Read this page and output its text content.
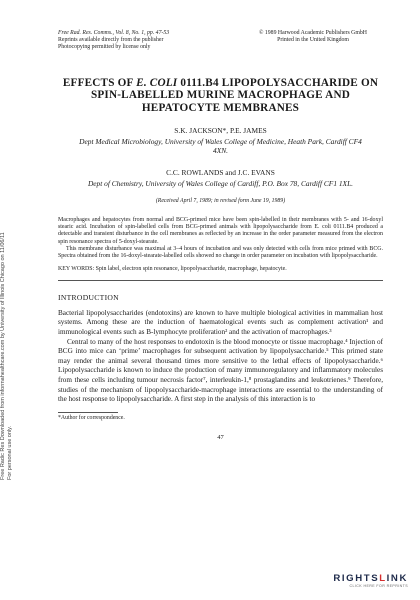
Free Radic Res Downloaded from informahealthcare.com by University of Illinois Chicago on 11/06/11
For personal use only.
Free Rad. Res. Comms., Vol. 8, No. 1, pp. 47-53
Reprints available directly from the publisher
Photocopying permitted by license only
© 1989 Harwood Academic Publishers GmbH
Printed in the United Kingdom
EFFECTS OF E. COLI 0111.B4 LIPOPOLYSACCHARIDE ON SPIN-LABELLED MURINE MACROPHAGE AND HEPATOCYTE MEMBRANES
S.K. JACKSON*, P.E. JAMES
Dept Medical Microbiology, University of Wales College of Medicine, Heath Park, Cardiff CF4 4XN.
C.C. ROWLANDS and J.C. EVANS
Dept of Chemistry, University of Wales College of Cardiff, P.O. Box 78, Cardiff CF1 1XL.
(Received April 7, 1989; in revised form June 19, 1989)

Macrophages and hepatocytes from normal and BCG-primed mice have been spin-labelled in their membranes with 5- and 16-doxyl stearic acid. Incubation of spin-labelled cells from BCG-primed animals with lipopolysaccharide from E. coli 0111.B4 produced a detectable and transient disturbance in the cell membranes as reflected by an increase in the order parameter measured from the electron spin resonance spectra of 5-doxyl-stearate.

This membrane disturbance was maximal at 3–4 hours of incubation and was only detected with cells from mice primed with BCG. Spectra obtained from the 16-doxyl-stearate-labelled cells showed no change in order parameter on incubation with lipopolysaccharide.

KEY WORDS: Spin label, electron spin resonance, lipopolysaccharide, macrophage, hepatocyte.
INTRODUCTION

Bacterial lipopolysaccharides (endotoxins) are known to have multiple biological activities in mammalian host systems. Among these are the induction of haematological events such as complement activation¹ and immunological events such as B-lymphocyte proliferation² and the activation of macrophages.³

Central to many of the host responses to endotoxin is the blood monocyte or tissue macrophage.⁴ Injection of BCG into mice can ‘prime’ macrophages for subsequent activation by lipopolysaccharide.⁵ This primed state may render the animal several thousand times more sensitive to the lethal effects of lipopolysaccharide.⁶ Lipopolysaccharide is known to induce the production of many immunoregulatory and inflammatory molecules from these cells including tumour necrosis factor⁷, interleukin-1,⁸ prostaglandins and leukotrienes.⁹ Therefore, studies of the mechanism of lipopolysaccharide-macrophage interactions are essential to the understanding of the host response to lipopolysaccharide. A first step in the analysis of this interaction is to

*Author for correspondence.
47
RIGHTSLINK
CLICK HERE FOR REPRINTS
